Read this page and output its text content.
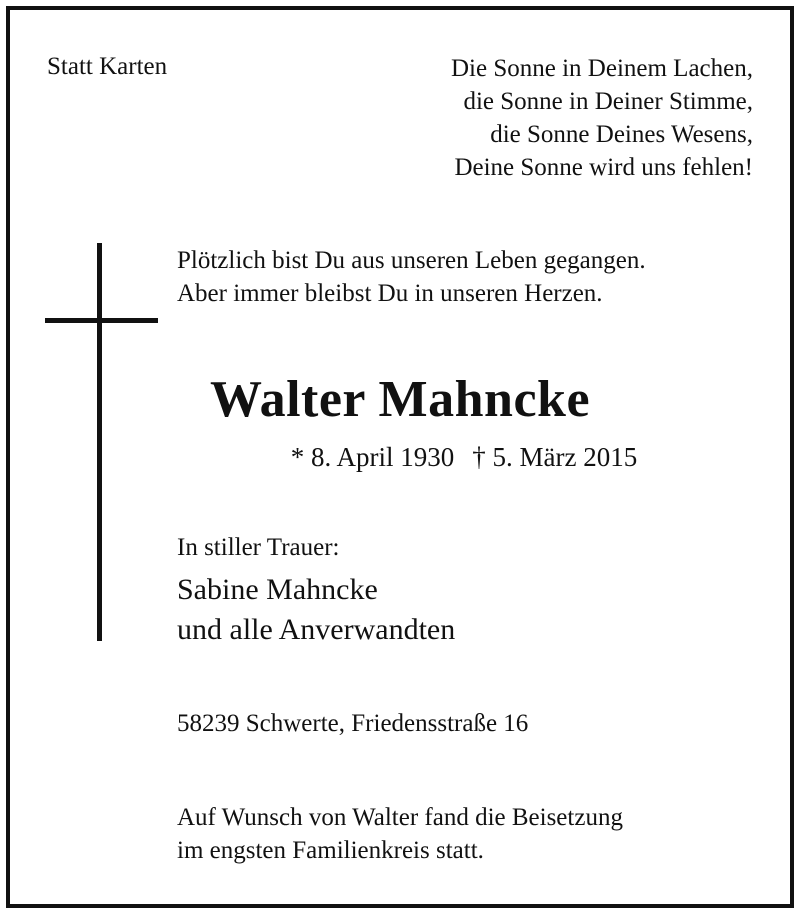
Statt Karten	Die Sonne in Deinem Lachen,
die Sonne in Deiner Stimme,
die Sonne Deines Wesens,
Deine Sonne wird uns fehlen!

Plötzlich bist Du aus unseren Leben gegangen.
Aber immer bleibst Du in unseren Herzen.

Walter Mahncke

* 8. April 1930 † 5. März 2015

In stiller Trauer:

Sabine Mahncke
und alle Anverwandten

58239 Schwerte, Friedensstraße 16

Auf Wunsch von Walter fand die Beisetzung
im engsten Familienkreis statt.
